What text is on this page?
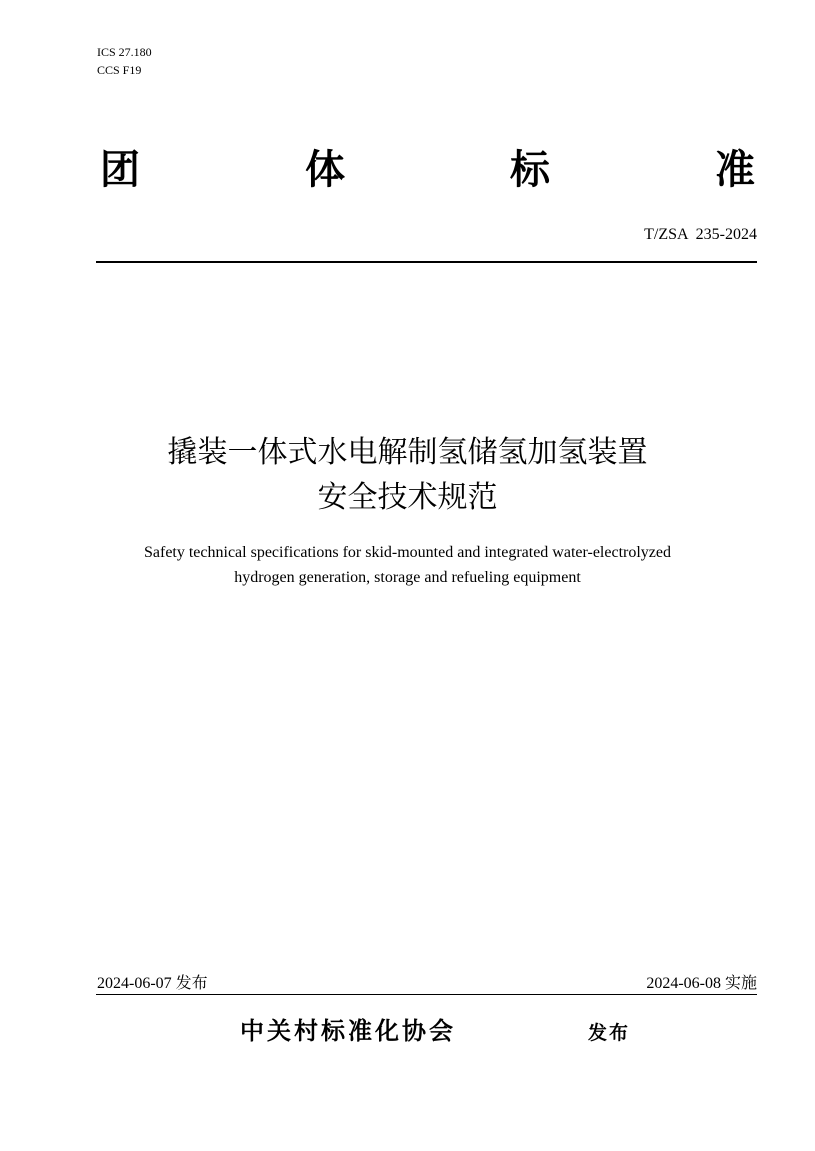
ICS 27.180
CCS F19
团	体	标	准
T/ZSA  235-2024
撬装一体式水电解制氢储氢加氢装置
安全技术规范
Safety technical specifications for skid-mounted and integrated water-electrolyzed
hydrogen generation, storage and refueling equipment
2024-06-07 发布	2024-06-08 实施
中关村标准化协会	发布
